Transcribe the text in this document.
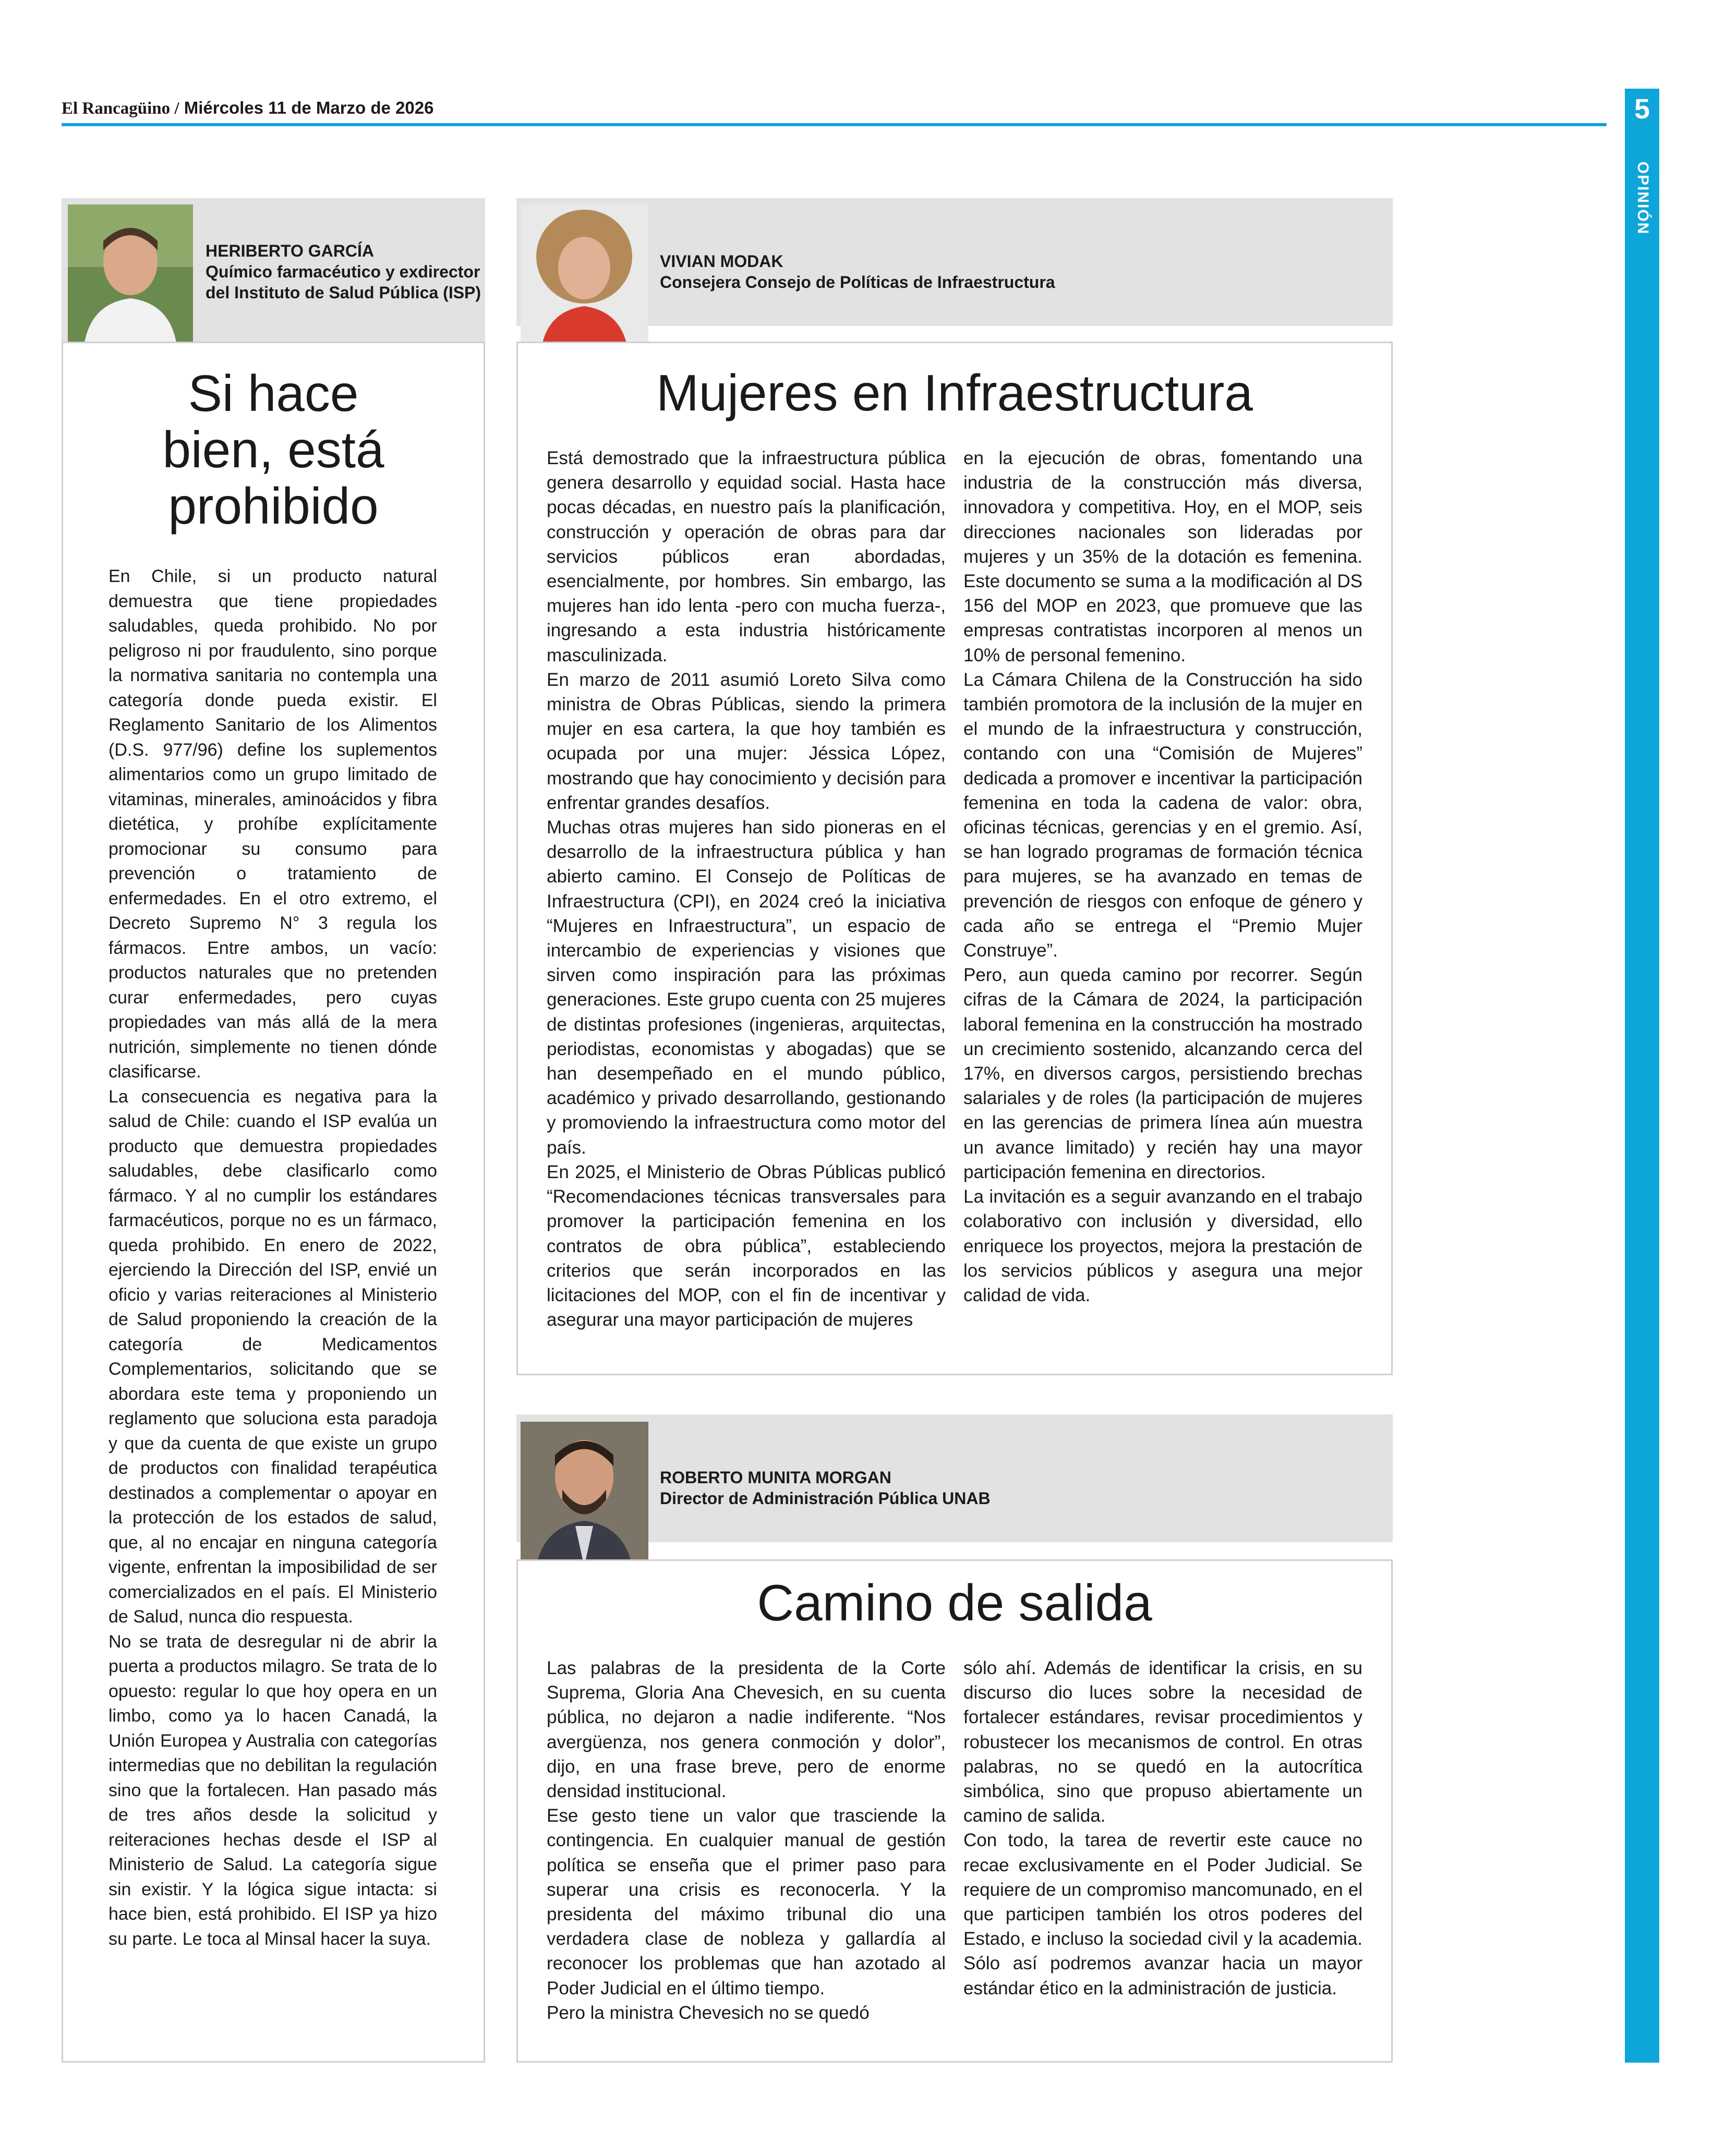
El Rancagüino / Miércoles 11 de Marzo de 2026	5
OPINIÓN
HERIBERTO GARCÍA
Químico farmacéutico y exdirector
del Instituto de Salud Pública (ISP)
Si hace
bien, está
prohibido

En Chile, si un producto natural demuestra que tiene propiedades saludables, queda prohibido. No por peligroso ni por fraudulento, sino porque la normativa sanitaria no contempla una categoría donde pueda existir. El Reglamento Sanitario de los Alimentos (D.S. 977/96) define los suplementos alimentarios como un grupo limitado de vitaminas, minerales, aminoácidos y fibra dietética, y prohíbe explícitamente promocionar su consumo para prevención o tratamiento de enfermedades. En el otro extremo, el Decreto Supremo N° 3 regula los fármacos. Entre ambos, un vacío: productos naturales que no pretenden curar enfermedades, pero cuyas propiedades van más allá de la mera nutrición, simplemente no tienen dónde clasificarse.

La consecuencia es negativa para la salud de Chile: cuando el ISP evalúa un producto que demuestra propiedades saludables, debe clasificarlo como fármaco. Y al no cumplir los estándares farmacéuticos, porque no es un fármaco, queda prohibido. En enero de 2022, ejerciendo la Dirección del ISP, envié un oficio y varias reiteraciones al Ministerio de Salud proponiendo la creación de la categoría de Medicamentos Complementarios, solicitando que se abordara este tema y proponiendo un reglamento que soluciona esta paradoja y que da cuenta de que existe un grupo de productos con finalidad terapéutica destinados a complementar o apoyar en la protección de los estados de salud, que, al no encajar en ninguna categoría vigente, enfrentan la imposibilidad de ser comercializados en el país. El Ministerio de Salud, nunca dio respuesta.

No se trata de desregular ni de abrir la puerta a productos milagro. Se trata de lo opuesto: regular lo que hoy opera en un limbo, como ya lo hacen Canadá, la Unión Europea y Australia con categorías intermedias que no debilitan la regulación sino que la fortalecen. Han pasado más de tres años desde la solicitud y reiteraciones hechas desde el ISP al Ministerio de Salud. La categoría sigue sin existir. Y la lógica sigue intacta: si hace bien, está prohibido. El ISP ya hizo su parte. Le toca al Minsal hacer la suya.

VIVIAN MODAK
Consejera Consejo de Políticas de Infraestructura
Mujeres en Infraestructura

Está demostrado que la infraestructura pública genera desarrollo y equidad social. Hasta hace pocas décadas, en nuestro país la planificación, construcción y operación de obras para dar servicios públicos eran abordadas, esencialmente, por hombres. Sin embargo, las mujeres han ido lenta -pero con mucha fuerza-, ingresando a esta industria históricamente masculinizada.

En marzo de 2011 asumió Loreto Silva como ministra de Obras Públicas, siendo la primera mujer en esa cartera, la que hoy también es ocupada por una mujer: Jéssica López, mostrando que hay conocimiento y decisión para enfrentar grandes desafíos.

Muchas otras mujeres han sido pioneras en el desarrollo de la infraestructura pública y han abierto camino. El Consejo de Políticas de Infraestructura (CPI), en 2024 creó la iniciativa “Mujeres en Infraestructura”, un espacio de intercambio de experiencias y visiones que sirven como inspiración para las próximas generaciones. Este grupo cuenta con 25 mujeres de distintas profesiones (ingenieras, arquitectas, periodistas, economistas y abogadas) que se han desempeñado en el mundo público, académico y privado desarrollando, gestionando y promoviendo la infraestructura como motor del país.

En 2025, el Ministerio de Obras Públicas publicó “Recomendaciones técnicas transversales para promover la participación femenina en los contratos de obra pública”, estableciendo criterios que serán incorporados en las licitaciones del MOP, con el fin de incentivar y asegurar una mayor participación de mujeres

en la ejecución de obras, fomentando una industria de la construcción más diversa, innovadora y competitiva. Hoy, en el MOP, seis direcciones nacionales son lideradas por mujeres y un 35% de la dotación es femenina. Este documento se suma a la modificación al DS 156 del MOP en 2023, que promueve que las empresas contratistas incorporen al menos un 10% de personal femenino.

La Cámara Chilena de la Construcción ha sido también promotora de la inclusión de la mujer en el mundo de la infraestructura y construcción, contando con una “Comisión de Mujeres” dedicada a promover e incentivar la participación femenina en toda la cadena de valor: obra, oficinas técnicas, gerencias y en el gremio. Así, se han logrado programas de formación técnica para mujeres, se ha avanzado en temas de prevención de riesgos con enfoque de género y cada año se entrega el “Premio Mujer Construye”.

Pero, aun queda camino por recorrer. Según cifras de la Cámara de 2024, la participación laboral femenina en la construcción ha mostrado un crecimiento sostenido, alcanzando cerca del 17%, en diversos cargos, persistiendo brechas salariales y de roles (la participación de mujeres en las gerencias de primera línea aún muestra un avance limitado) y recién hay una mayor participación femenina en directorios.

La invitación es a seguir avanzando en el trabajo colaborativo con inclusión y diversidad, ello enriquece los proyectos, mejora la prestación de los servicios públicos y asegura una mejor calidad de vida.

ROBERTO MUNITA MORGAN
Director de Administración Pública UNAB
Camino de salida

Las palabras de la presidenta de la Corte Suprema, Gloria Ana Chevesich, en su cuenta pública, no dejaron a nadie indiferente. “Nos avergüenza, nos genera conmoción y dolor”, dijo, en una frase breve, pero de enorme densidad institucional.

Ese gesto tiene un valor que trasciende la contingencia. En cualquier manual de gestión política se enseña que el primer paso para superar una crisis es reconocerla. Y la presidenta del máximo tribunal dio una verdadera clase de nobleza y gallardía al reconocer los problemas que han azotado al Poder Judicial en el último tiempo.

Pero la ministra Chevesich no se quedó

sólo ahí. Además de identificar la crisis, en su discurso dio luces sobre la necesidad de fortalecer estándares, revisar procedimientos y robustecer los mecanismos de control. En otras palabras, no se quedó en la autocrítica simbólica, sino que propuso abiertamente un camino de salida.

Con todo, la tarea de revertir este cauce no recae exclusivamente en el Poder Judicial. Se requiere de un compromiso mancomunado, en el que participen también los otros poderes del Estado, e incluso la sociedad civil y la academia. Sólo así podremos avanzar hacia un mayor estándar ético en la administración de justicia.
